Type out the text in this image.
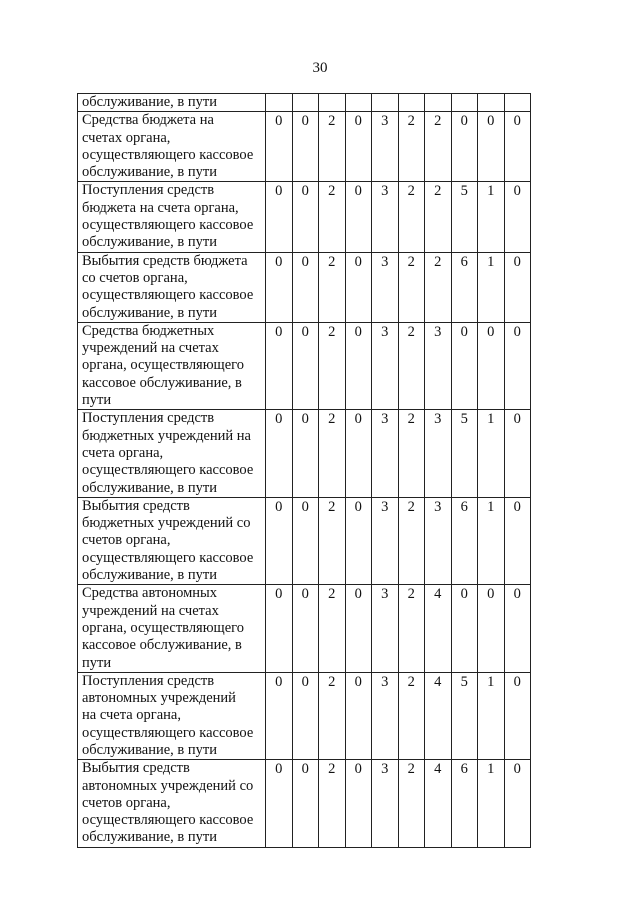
30
обслуживание, в пути										

Средства бюджета на
счетах органа,
осуществляющего кассовое
обслуживание, в пути	0	0	2	0	3	2	2	0	0	0

Поступления средств
бюджета на счета органа,
осуществляющего кассовое
обслуживание, в пути	0	0	2	0	3	2	2	5	1	0

Выбытия средств бюджета
со счетов органа,
осуществляющего кассовое
обслуживание, в пути	0	0	2	0	3	2	2	6	1	0

Средства бюджетных
учреждений на счетах
органа, осуществляющего
кассовое обслуживание, в
пути	0	0	2	0	3	2	3	0	0	0

Поступления средств
бюджетных учреждений на
счета органа,
осуществляющего кассовое
обслуживание, в пути	0	0	2	0	3	2	3	5	1	0

Выбытия средств
бюджетных учреждений со
счетов органа,
осуществляющего кассовое
обслуживание, в пути	0	0	2	0	3	2	3	6	1	0

Средства автономных
учреждений на счетах
органа, осуществляющего
кассовое обслуживание, в
пути	0	0	2	0	3	2	4	0	0	0

Поступления средств
автономных учреждений
на счета органа,
осуществляющего кассовое
обслуживание, в пути	0	0	2	0	3	2	4	5	1	0

Выбытия средств
автономных учреждений со
счетов органа,
осуществляющего кассовое
обслуживание, в пути	0	0	2	0	3	2	4	6	1	0
